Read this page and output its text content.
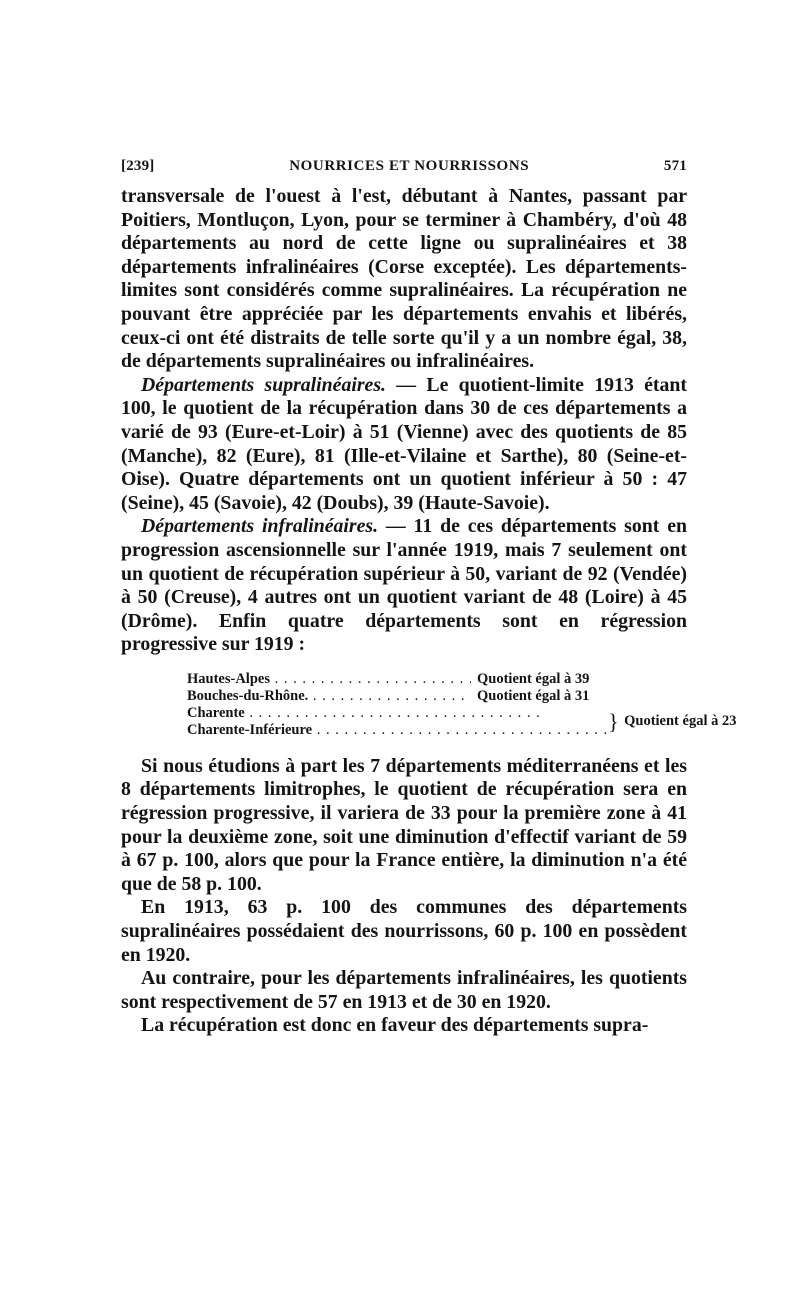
[239]	NOURRICES ET NOURRISSONS	571

transversale de l'ouest à l'est, débutant à Nantes, passant par Poitiers, Montluçon, Lyon, pour se terminer à Chambéry, d'où 48 départements au nord de cette ligne ou supralinéaires et 38 départements infralinéaires (Corse exceptée). Les départements-limites sont considérés comme supralinéaires. La récupération ne pouvant être appréciée par les départements envahis et libérés, ceux-ci ont été distraits de telle sorte qu'il y a un nombre égal, 38, de départements supralinéaires ou infralinéaires.

Départements supralinéaires. — Le quotient-limite 1913 étant 100, le quotient de la récupération dans 30 de ces départements a varié de 93 (Eure-et-Loir) à 51 (Vienne) avec des quotients de 85 (Manche), 82 (Eure), 81 (Ille-et-Vilaine et Sarthe), 80 (Seine-et-Oise). Quatre départements ont un quotient inférieur à 50 : 47 (Seine), 45 (Savoie), 42 (Doubs), 39 (Haute-Savoie).

Départements infralinéaires. — 11 de ces départements sont en progression ascensionnelle sur l'année 1919, mais 7 seulement ont un quotient de récupération supérieur à 50, variant de 92 (Vendée) à 50 (Creuse), 4 autres ont un quotient variant de 48 (Loire) à 45 (Drôme). Enfin quatre départements sont en régression progressive sur 1919 :

Hautes-Alpes . . .	Quotient égal à 39
Bouches-du-Rhône. . . .	Quotient égal à 31
Charente . . .
Charente-Inférieure . . .	} Quotient égal à 23

Si nous étudions à part les 7 départements méditerranéens et les 8 départements limitrophes, le quotient de récupération sera en régression progressive, il variera de 33 pour la première zone à 41 pour la deuxième zone, soit une diminution d'effectif variant de 59 à 67 p. 100, alors que pour la France entière, la diminution n'a été que de 58 p. 100.

En 1913, 63 p. 100 des communes des départements supralinéaires possédaient des nourrissons, 60 p. 100 en possèdent en 1920.

Au contraire, pour les départements infralinéaires, les quotients sont respectivement de 57 en 1913 et de 30 en 1920.

La récupération est donc en faveur des départements supra-
